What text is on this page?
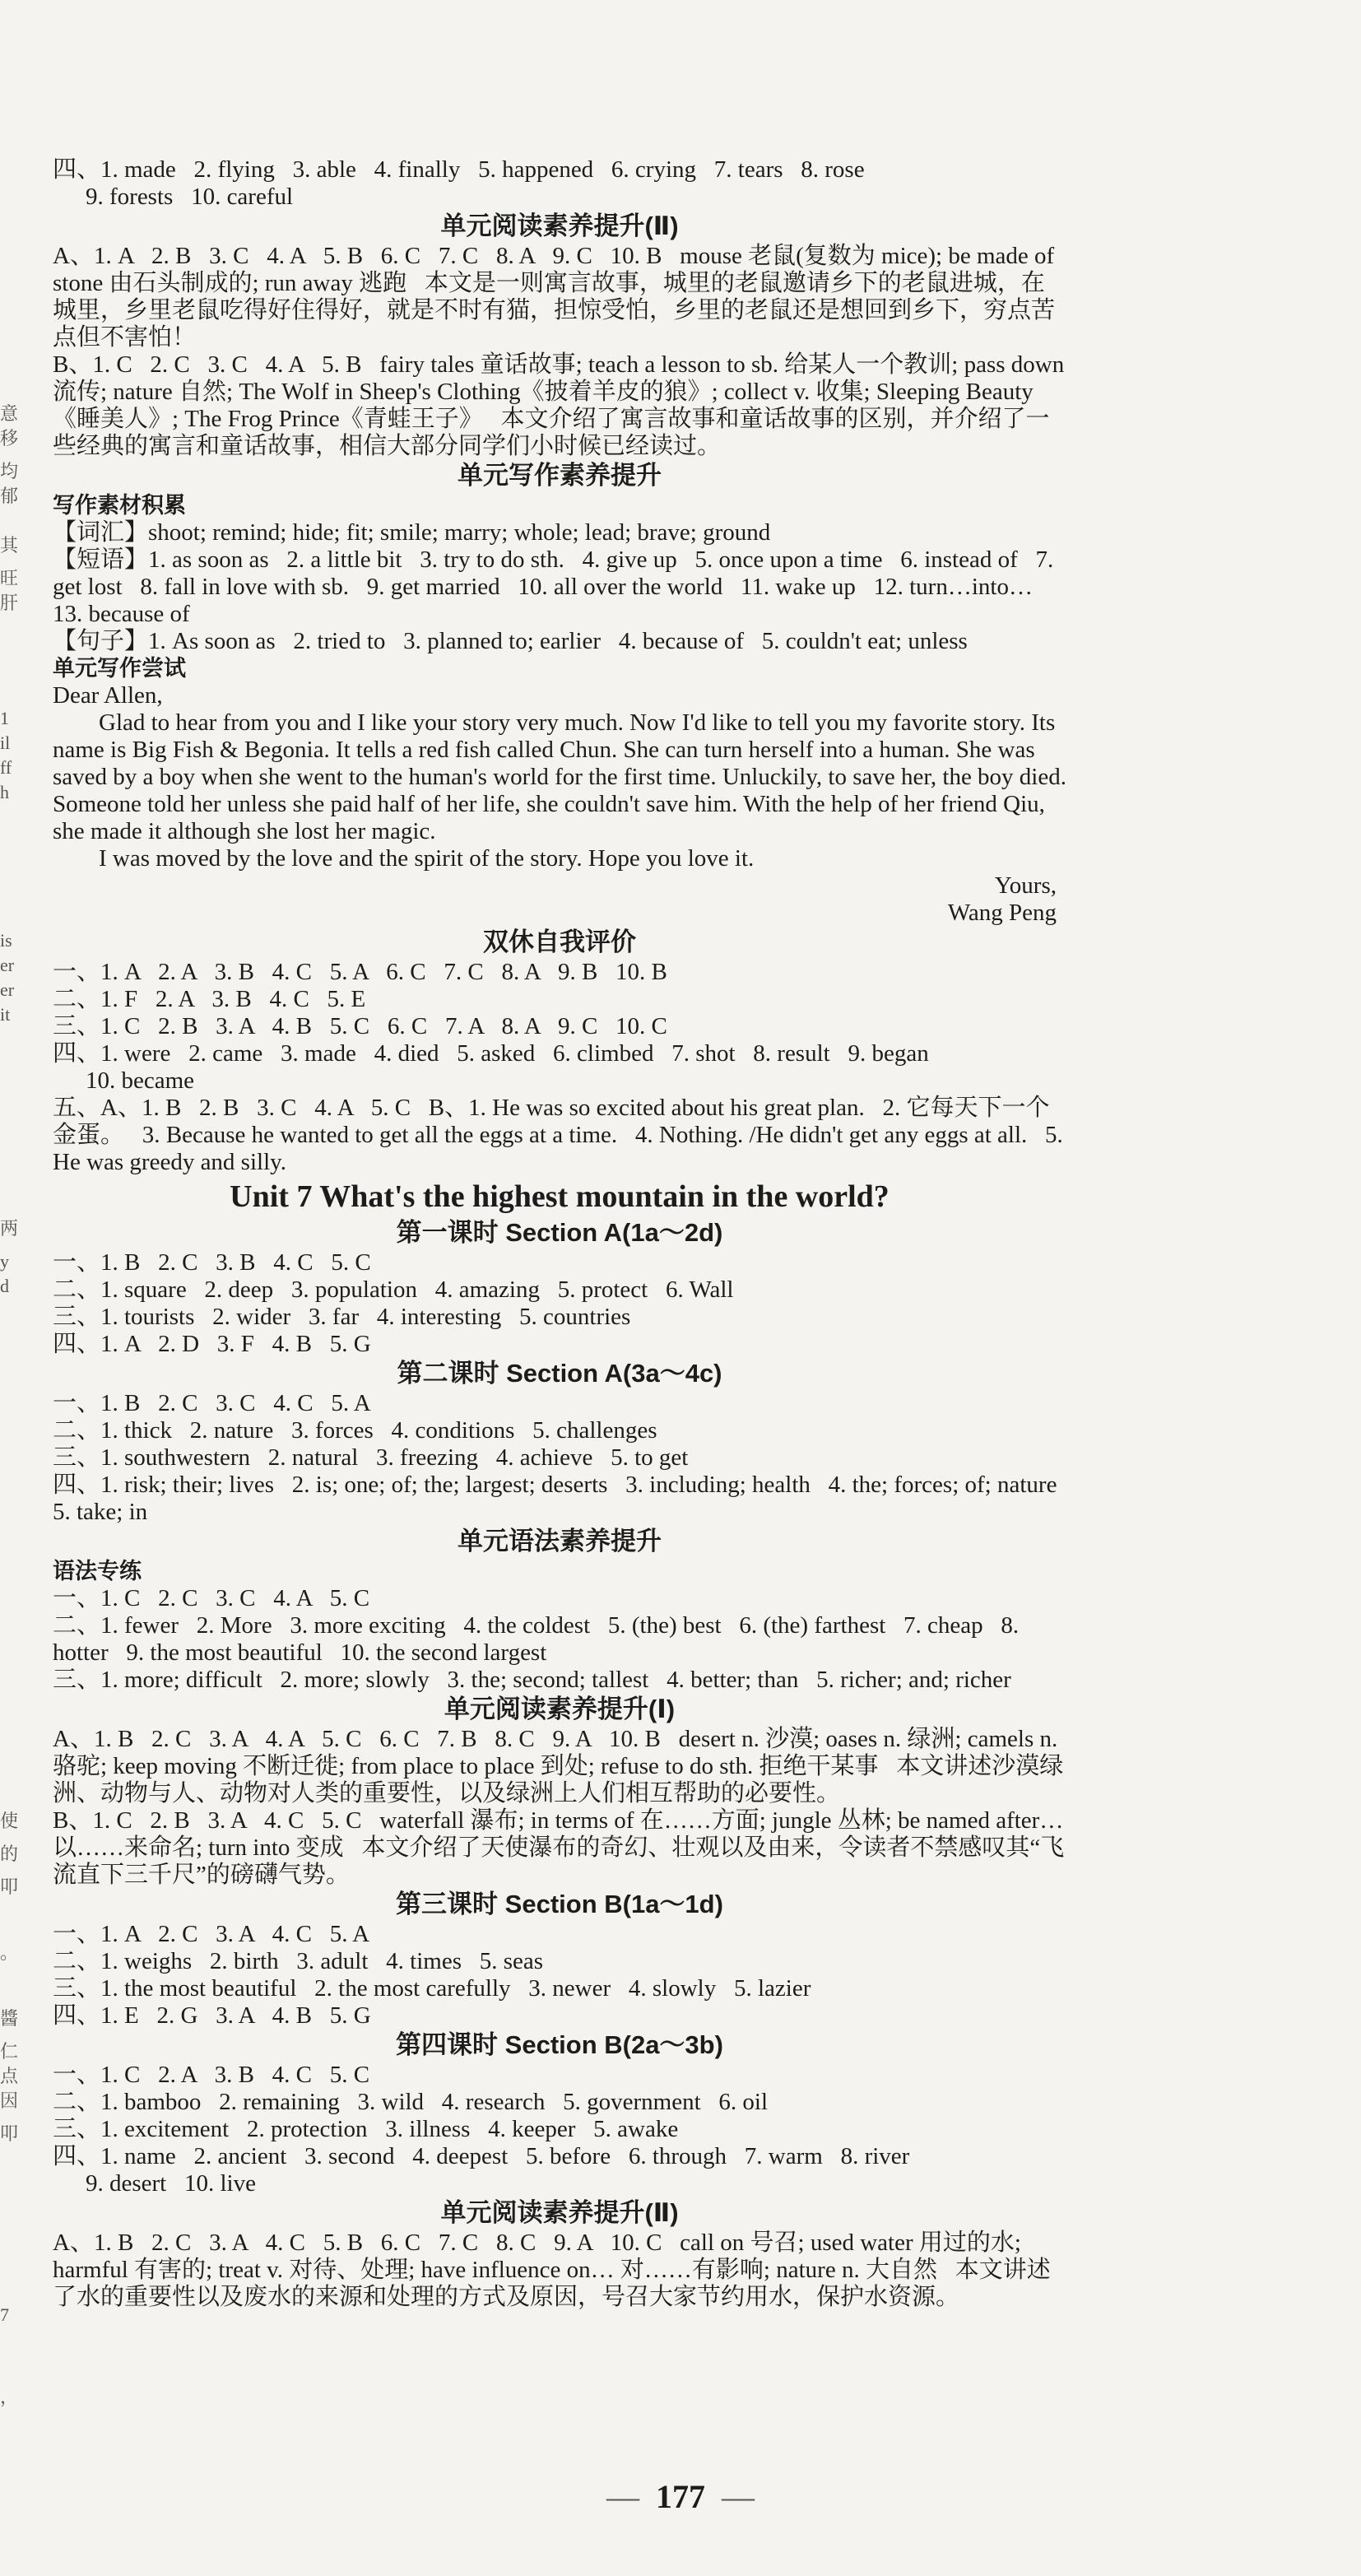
意
移
均
郁
其
旺
肝
1
il
ff
h
is
er
er
it
两
y
d
使
的
叩
。
醬
仁
点
因
叩
7
，
四、1. made   2. flying   3. able   4. finally   5. happened   6. crying   7. tears   8. rose
9. forests   10. careful
单元阅读素养提升(Ⅱ)
A、1. A   2. B   3. C   4. A   5. B   6. C   7. C   8. A   9. C   10. B   mouse 老鼠(复数为 mice); be made of stone 由石头制成的; run away 逃跑   本文是一则寓言故事，城里的老鼠邀请乡下的老鼠进城，在城里，乡里老鼠吃得好住得好，就是不时有猫，担惊受怕，乡里的老鼠还是想回到乡下，穷点苦点但不害怕！
B、1. C   2. C   3. C   4. A   5. B   fairy tales 童话故事; teach a lesson to sb. 给某人一个教训; pass down 流传; nature 自然; The Wolf in Sheep's Clothing《披着羊皮的狼》; collect v. 收集; Sleeping Beauty《睡美人》; The Frog Prince《青蛙王子》   本文介绍了寓言故事和童话故事的区别，并介绍了一些经典的寓言和童话故事，相信大部分同学们小时候已经读过。
单元写作素养提升
写作素材积累
【词汇】shoot; remind; hide; fit; smile; marry; whole; lead; brave; ground
【短语】1. as soon as   2. a little bit   3. try to do sth.   4. give up   5. once upon a time   6. instead of   7. get lost   8. fall in love with sb.   9. get married   10. all over the world   11. wake up   12. turn…into…   13. because of
【句子】1. As soon as   2. tried to   3. planned to; earlier   4. because of   5. couldn't eat; unless
单元写作尝试
Dear Allen,
Glad to hear from you and I like your story very much. Now I'd like to tell you my favorite story. Its name is Big Fish & Begonia. It tells a red fish called Chun. She can turn herself into a human. She was saved by a boy when she went to the human's world for the first time. Unluckily, to save her, the boy died. Someone told her unless she paid half of her life, she couldn't save him. With the help of her friend Qiu, she made it although she lost her magic.
I was moved by the love and the spirit of the story. Hope you love it.
Yours,
Wang Peng
双休自我评价
一、1. A   2. A   3. B   4. C   5. A   6. C   7. C   8. A   9. B   10. B
二、1. F   2. A   3. B   4. C   5. E
三、1. C   2. B   3. A   4. B   5. C   6. C   7. A   8. A   9. C   10. C
四、1. were   2. came   3. made   4. died   5. asked   6. climbed   7. shot   8. result   9. began
10. became
五、A、1. B   2. B   3. C   4. A   5. C   B、1. He was so excited about his great plan.   2. 它每天下一个金蛋。   3. Because he wanted to get all the eggs at a time.   4. Nothing. /He didn't get any eggs at all.   5. He was greedy and silly.
Unit 7 What's the highest mountain in the world?
第一课时 Section A(1a～2d)
一、1. B   2. C   3. B   4. C   5. C
二、1. square   2. deep   3. population   4. amazing   5. protect   6. Wall
三、1. tourists   2. wider   3. far   4. interesting   5. countries
四、1. A   2. D   3. F   4. B   5. G
第二课时 Section A(3a～4c)
一、1. B   2. C   3. C   4. C   5. A
二、1. thick   2. nature   3. forces   4. conditions   5. challenges
三、1. southwestern   2. natural   3. freezing   4. achieve   5. to get
四、1. risk; their; lives   2. is; one; of; the; largest; deserts   3. including; health   4. the; forces; of; nature   5. take; in
单元语法素养提升
语法专练
一、1. C   2. C   3. C   4. A   5. C
二、1. fewer   2. More   3. more exciting   4. the coldest   5. (the) best   6. (the) farthest   7. cheap   8. hotter   9. the most beautiful   10. the second largest
三、1. more; difficult   2. more; slowly   3. the; second; tallest   4. better; than   5. richer; and; richer
单元阅读素养提升(Ⅰ)
A、1. B   2. C   3. A   4. A   5. C   6. C   7. B   8. C   9. A   10. B   desert n. 沙漠; oases n. 绿洲; camels n. 骆驼; keep moving 不断迁徙; from place to place 到处; refuse to do sth. 拒绝干某事   本文讲述沙漠绿洲、动物与人、动物对人类的重要性，以及绿洲上人们相互帮助的必要性。
B、1. C   2. B   3. A   4. C   5. C   waterfall 瀑布; in terms of 在……方面; jungle 丛林; be named after…以……来命名; turn into 变成   本文介绍了天使瀑布的奇幻、壮观以及由来，令读者不禁感叹其“飞流直下三千尺”的磅礴气势。
第三课时 Section B(1a～1d)
一、1. A   2. C   3. A   4. C   5. A
二、1. weighs   2. birth   3. adult   4. times   5. seas
三、1. the most beautiful   2. the most carefully   3. newer   4. slowly   5. lazier
四、1. E   2. G   3. A   4. B   5. G
第四课时 Section B(2a～3b)
一、1. C   2. A   3. B   4. C   5. C
二、1. bamboo   2. remaining   3. wild   4. research   5. government   6. oil
三、1. excitement   2. protection   3. illness   4. keeper   5. awake
四、1. name   2. ancient   3. second   4. deepest   5. before   6. through   7. warm   8. river
9. desert   10. live
单元阅读素养提升(Ⅱ)
A、1. B   2. C   3. A   4. C   5. B   6. C   7. C   8. C   9. A   10. C   call on 号召; used water 用过的水; harmful 有害的; treat v. 对待、处理; have influence on… 对……有影响; nature n. 大自然   本文讲述了水的重要性以及废水的来源和处理的方式及原因，号召大家节约用水，保护水资源。
— 177 —
